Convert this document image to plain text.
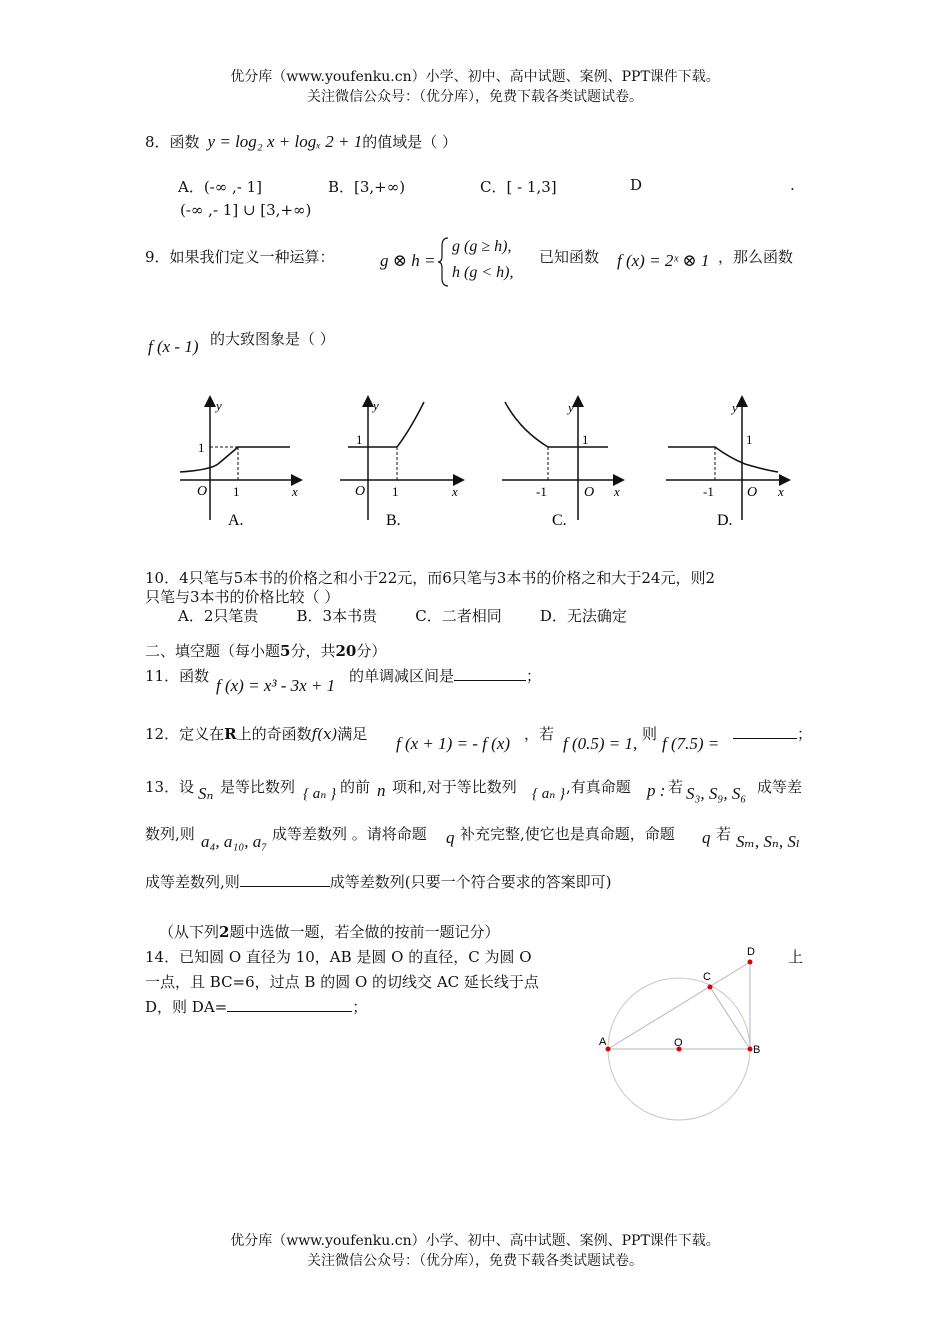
优分库（www.youfenku.cn）小学、初中、高中试题、案例、PPT课件下载。
关注微信公众号：（优分库），免费下载各类试题试卷。
8．函数 y = log₂ x + logₓ 2 + 1的值域是（ ）
A．(-∞ ,- 1]	B．[3,+∞)	C．[ - 1,3]	D	.
(-∞ ,- 1] ∪ [3,+∞)
9．如果我们定义一种运算：	g ⊗ h =
g (g ≥ h),
h (g < h),
已知函数 f (x) = 2ˣ ⊗ 1 ，那么函数
f (x - 1) 的大致图象是（ ）
y
x
O 1
1
A.
y
x
O 1
1
B.
y
x
O
-1
1
C.
y
x
O
-1
1
D.
10．4只笔与5本书的价格之和小于22元，而6只笔与3本书的价格之和大于24元，则2
只笔与3本书的价格比较（ ）
A．2只笔贵        B．3本书贵        C．二者相同        D．无法确定
二、填空题（每小题5分，共20分）
11．函数 f (x) = x³ - 3x + 1 的单调减区间是	；
12．定义在R上的奇函数f(x)满足 f (x + 1) = - f (x) ，若 f (0.5) = 1, 则 f (7.5) =	；
13．设 Sₙ 是等比数列 { aₙ } 的前 n 项和,对于等比数列 { aₙ } ,有真命题 p : 若 S₃, S₉, S₆ 成等差
数列,则 a₄, a₁₀, a₇ 成等差数列 。请将命题 q 补充完整,使它也是真命题，命题 q 若 Sₘ, Sₙ, Sₗ
成等差数列,则	成等差数列(只要一个符合要求的答案即可)
（从下列2题中选做一题，若全做的按前一题记分）
14．已知圆 O 直径为 10，AB 是圆 O 的直径，C 为圆 O	上
一点，且 BC=6，过点 B 的圆 O 的切线交 AC 延长线于点
D，则 DA=	；
A	O
B
C
D
优分库（www.youfenku.cn）小学、初中、高中试题、案例、PPT课件下载。
关注微信公众号：（优分库），免费下载各类试题试卷。
